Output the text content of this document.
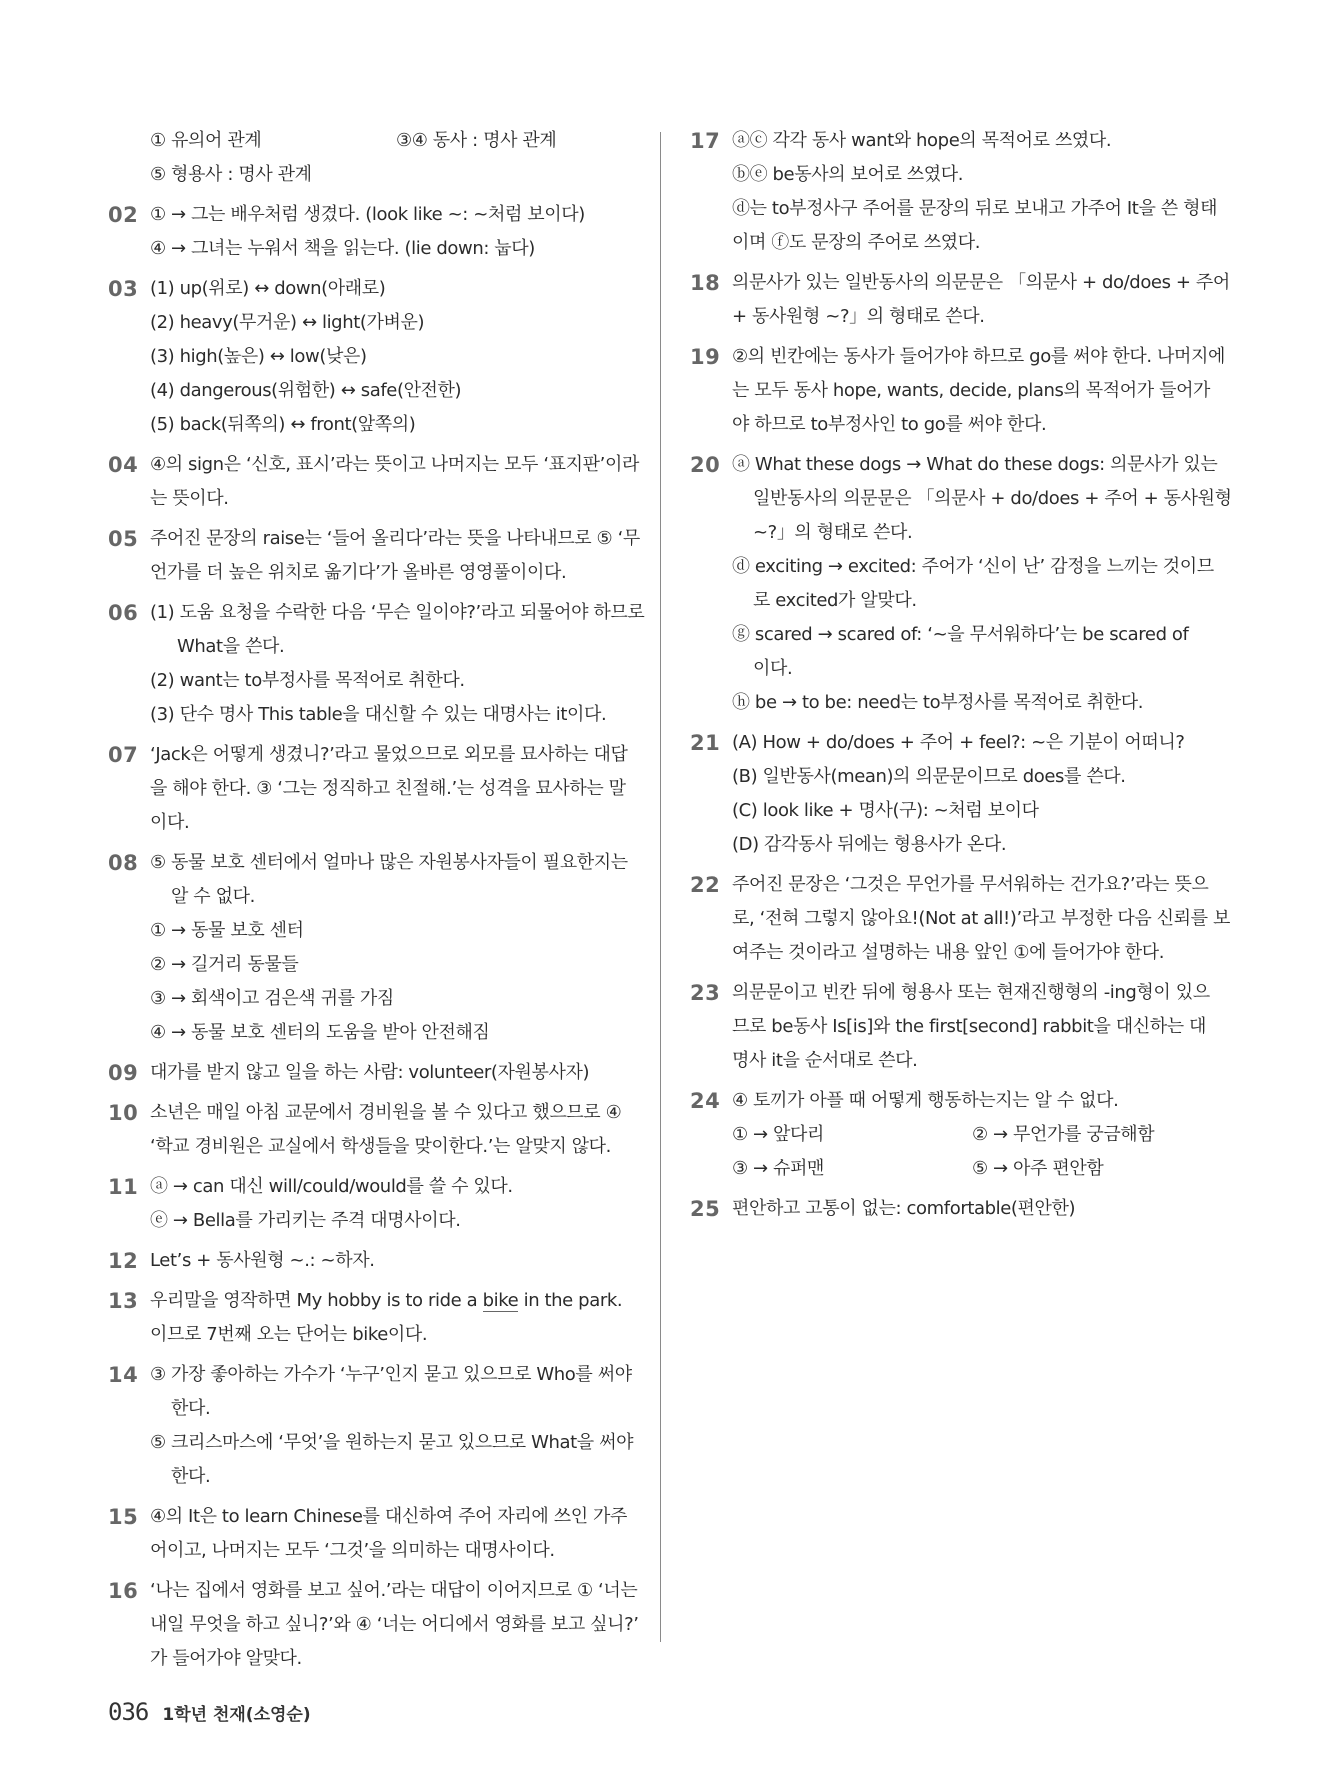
① 유의어 관계	③④ 동사 : 명사 관계
⑤ 형용사 : 명사 관계
02 ① → 그는 배우처럼 생겼다. (look like ~: ~처럼 보이다)
④ → 그녀는 누워서 책을 읽는다. (lie down: 눕다)
03 (1) up(위로) ↔ down(아래로)
(2) heavy(무거운) ↔ light(가벼운)
(3) high(높은) ↔ low(낮은)
(4) dangerous(위험한) ↔ safe(안전한)
(5) back(뒤쪽의) ↔ front(앞쪽의)
04 ④의 sign은 ‘신호, 표시’라는 뜻이고 나머지는 모두 ‘표지판’이라
는 뜻이다.
05 주어진 문장의 raise는 ‘들어 올리다’라는 뜻을 나타내므로 ⑤ ‘무
언가를 더 높은 위치로 옮기다’가 올바른 영영풀이이다.
06 (1) 도움 요청을 수락한 다음 ‘무슨 일이야?’라고 되물어야 하므로
What을 쓴다.
(2) want는 to부정사를 목적어로 취한다.
(3) 단수 명사 This table을 대신할 수 있는 대명사는 it이다.
07 ‘Jack은 어떻게 생겼니?’라고 물었으므로 외모를 묘사하는 대답
을 해야 한다. ③ ‘그는 정직하고 친절해.’는 성격을 묘사하는 말
이다.
08 ⑤ 동물 보호 센터에서 얼마나 많은 자원봉사자들이 필요한지는
알 수 없다.
① → 동물 보호 센터
② → 길거리 동물들
③ → 회색이고 검은색 귀를 가짐
④ → 동물 보호 센터의 도움을 받아 안전해짐
09 대가를 받지 않고 일을 하는 사람: volunteer(자원봉사자)
10 소년은 매일 아침 교문에서 경비원을 볼 수 있다고 했으므로 ④
‘학교 경비원은 교실에서 학생들을 맞이한다.’는 알맞지 않다.
11 ⓐ → can 대신 will/could/would를 쓸 수 있다.
ⓔ → Bella를 가리키는 주격 대명사이다.
12 Let’s + 동사원형 ~.: ~하자.
13 우리말을 영작하면 My hobby is to ride a bike in the park.
이므로 7번째 오는 단어는 bike이다.
14 ③ 가장 좋아하는 가수가 ‘누구’인지 묻고 있으므로 Who를 써야
한다.
⑤ 크리스마스에 ‘무엇’을 원하는지 묻고 있으므로 What을 써야
한다.
15 ④의 It은 to learn Chinese를 대신하여 주어 자리에 쓰인 가주
어이고, 나머지는 모두 ‘그것’을 의미하는 대명사이다.
16 ‘나는 집에서 영화를 보고 싶어.’라는 대답이 이어지므로 ① ‘너는
내일 무엇을 하고 싶니?’와 ④ ‘너는 어디에서 영화를 보고 싶니?’
가 들어가야 알맞다.
17 ⓐⓒ 각각 동사 want와 hope의 목적어로 쓰였다.
ⓑⓔ be동사의 보어로 쓰였다.
ⓓ는 to부정사구 주어를 문장의 뒤로 보내고 가주어 It을 쓴 형태
이며 ⓕ도 문장의 주어로 쓰였다.
18 의문사가 있는 일반동사의 의문문은 「의문사 + do/does + 주어
+ 동사원형 ~?」의 형태로 쓴다.
19 ②의 빈칸에는 동사가 들어가야 하므로 go를 써야 한다. 나머지에
는 모두 동사 hope, wants, decide, plans의 목적어가 들어가
야 하므로 to부정사인 to go를 써야 한다.
20 ⓐ What these dogs → What do these dogs: 의문사가 있는
일반동사의 의문문은 「의문사 + do/does + 주어 + 동사원형
~?」의 형태로 쓴다.
ⓓ exciting → excited: 주어가 ‘신이 난’ 감정을 느끼는 것이므
로 excited가 알맞다.
ⓖ scared → scared of: ‘~을 무서워하다’는 be scared of
이다.
ⓗ be → to be: need는 to부정사를 목적어로 취한다.
21 (A) How + do/does + 주어 + feel?: ~은 기분이 어떠니?
(B) 일반동사(mean)의 의문문이므로 does를 쓴다.
(C) look like + 명사(구): ~처럼 보이다
(D) 감각동사 뒤에는 형용사가 온다.
22 주어진 문장은 ‘그것은 무언가를 무서워하는 건가요?’라는 뜻으
로, ‘전혀 그렇지 않아요!(Not at all!)’라고 부정한 다음 신뢰를 보
여주는 것이라고 설명하는 내용 앞인 ①에 들어가야 한다.
23 의문문이고 빈칸 뒤에 형용사 또는 현재진행형의 -ing형이 있으
므로 be동사 Is[is]와 the first[second] rabbit을 대신하는 대
명사 it을 순서대로 쓴다.
24 ④ 토끼가 아플 때 어떻게 행동하는지는 알 수 없다.
① → 앞다리	② → 무언가를 궁금해함
③ → 슈퍼맨	⑤ → 아주 편안함
25 편안하고 고통이 없는: comfortable(편안한)
036 1학년 천재(소영순)
